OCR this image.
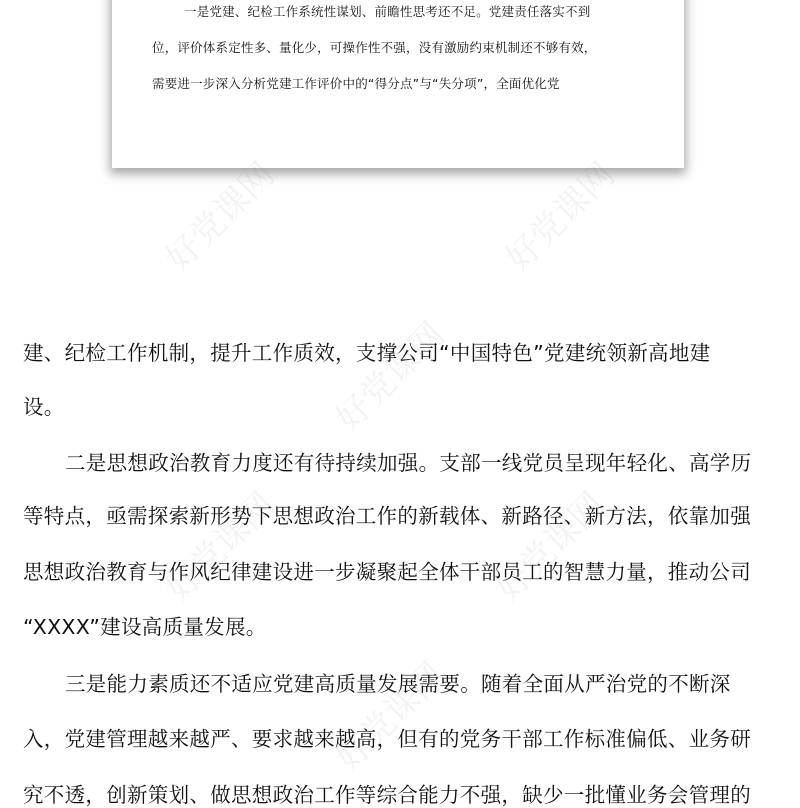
一是党建、纪检工作系统性谋划、前瞻性思考还不足。党建责任落实不到
位，评价体系定性多、量化少，可操作性不强，没有激励约束机制还不够有效，
需要进一步深入分析党建工作评价中的“得分点”与“失分项”，全面优化党
好党课网	好党课网
好党课网
好党课网	好党课网
好党课网
建、纪检工作机制，提升工作质效，支撑公司“中国特色”党建统领新高地建
设。
二是思想政治教育力度还有待持续加强。支部一线党员呈现年轻化、高学历
等特点，亟需探索新形势下思想政治工作的新载体、新路径、新方法，依靠加强
思想政治教育与作风纪律建设进一步凝聚起全体干部员工的智慧力量，推动公司
“XXXX”建设高质量发展。
三是能力素质还不适应党建高质量发展需要。随着全面从严治党的不断深
入，党建管理越来越严、要求越来越高，但有的党务干部工作标准偏低、业务研
究不透，创新策划、做思想政治工作等综合能力不强，缺少一批懂业务会管理的
